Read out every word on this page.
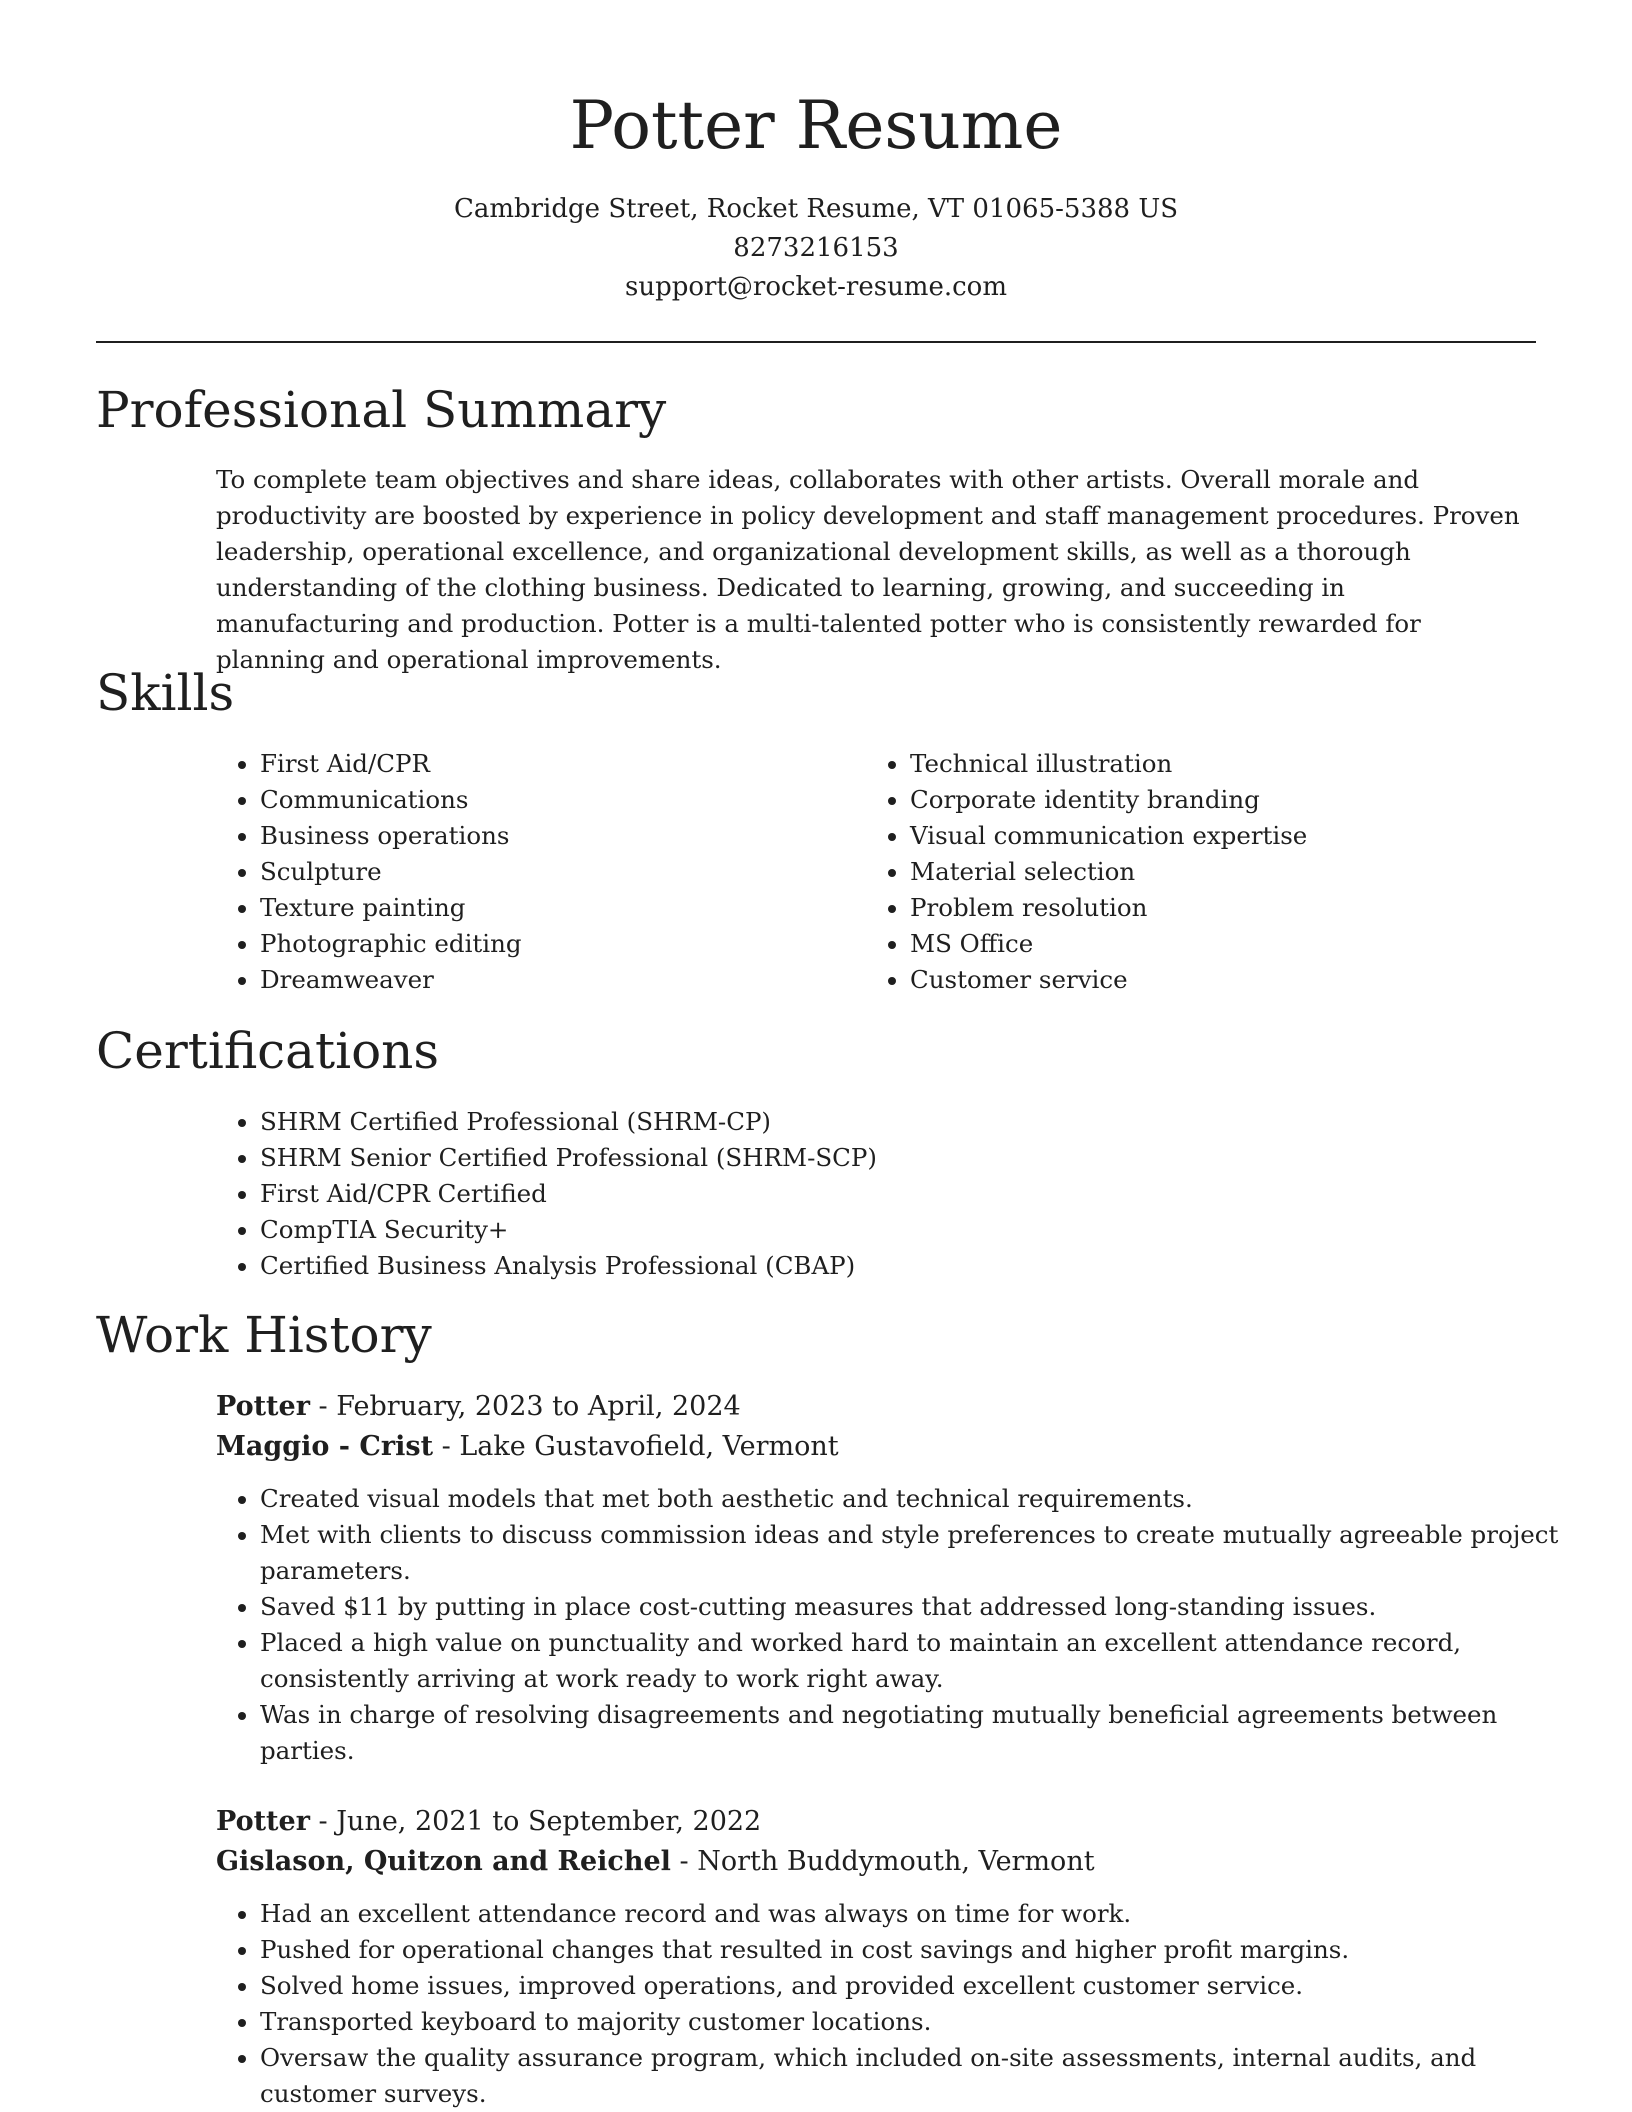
Potter Resume
Cambridge Street, Rocket Resume, VT 01065-5388 US
8273216153
support@rocket-resume.com
Professional Summary

To complete team objectives and share ideas, collaborates with other artists. Overall morale and productivity are boosted by experience in policy development and staff management procedures. Proven leadership, operational excellence, and organizational development skills, as well as a thorough understanding of the clothing business. Dedicated to learning, growing, and succeeding in manufacturing and production. Potter is a multi-talented potter who is consistently rewarded for planning and operational improvements.

Skills
• First Aid/CPR
• Communications
• Business operations
• Sculpture
• Texture painting
• Photographic editing
• Dreamweaver
• Technical illustration
• Corporate identity branding
• Visual communication expertise
• Material selection
• Problem resolution
• MS Office
• Customer service
Certifications
• SHRM Certified Professional (SHRM-CP)
• SHRM Senior Certified Professional (SHRM-SCP)
• First Aid/CPR Certified
• CompTIA Security+
• Certified Business Analysis Professional (CBAP)
Work History
Potter - February, 2023 to April, 2024
Maggio - Crist - Lake Gustavofield, Vermont
• Created visual models that met both aesthetic and technical requirements.
• Met with clients to discuss commission ideas and style preferences to create mutually agreeable project parameters.
• Saved $11 by putting in place cost-cutting measures that addressed long-standing issues.
• Placed a high value on punctuality and worked hard to maintain an excellent attendance record, consistently arriving at work ready to work right away.
• Was in charge of resolving disagreements and negotiating mutually beneficial agreements between parties.
Potter - June, 2021 to September, 2022
Gislason, Quitzon and Reichel - North Buddymouth, Vermont
• Had an excellent attendance record and was always on time for work.
• Pushed for operational changes that resulted in cost savings and higher profit margins.
• Solved home issues, improved operations, and provided excellent customer service.
• Transported keyboard to majority customer locations.
• Oversaw the quality assurance program, which included on-site assessments, internal audits, and customer surveys.
